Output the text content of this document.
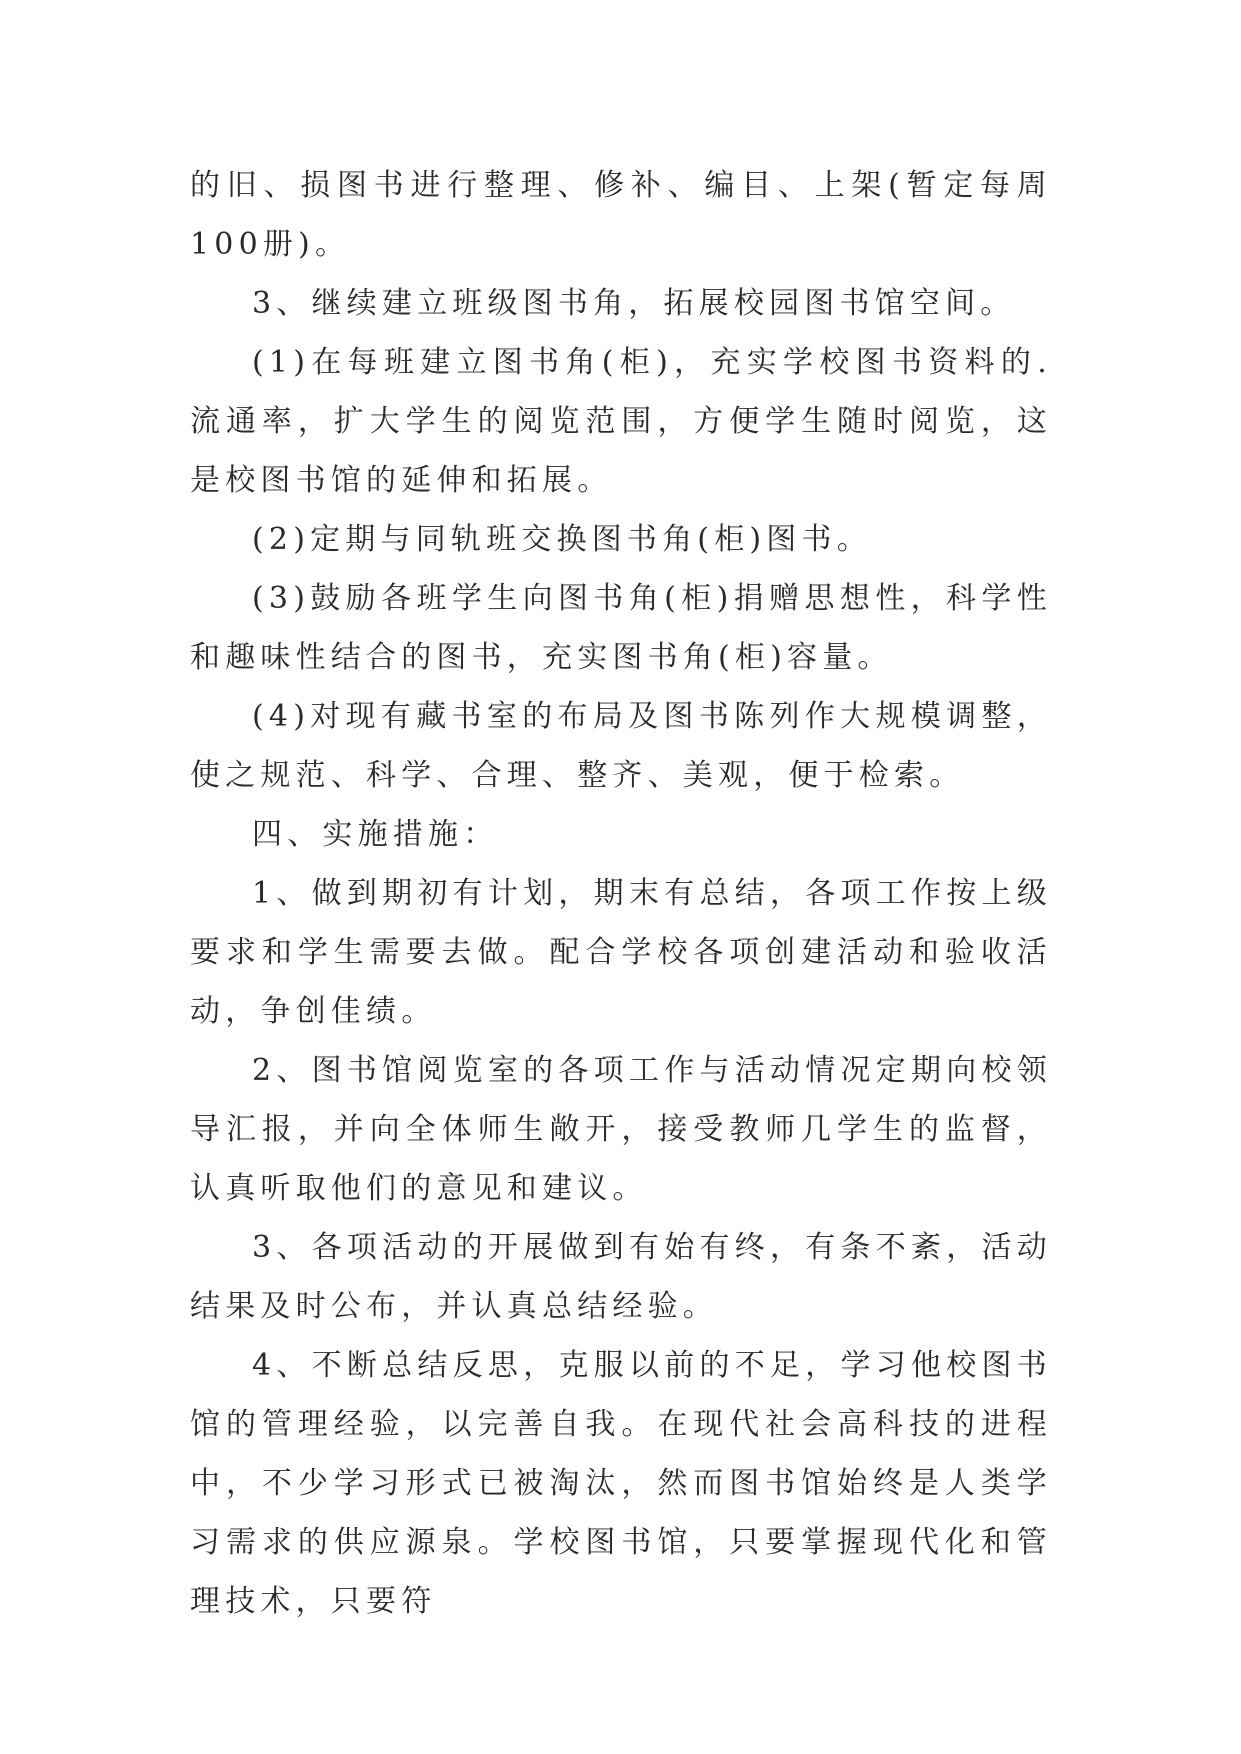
的旧、损图书进行整理、修补、编目、上架(暂定每周100册)。

3、继续建立班级图书角，拓展校园图书馆空间。

(1)在每班建立图书角(柜)，充实学校图书资料的.流通率，扩大学生的阅览范围，方便学生随时阅览，这是校图书馆的延伸和拓展。

(2)定期与同轨班交换图书角(柜)图书。

(3)鼓励各班学生向图书角(柜)捐赠思想性，科学性和趣味性结合的图书，充实图书角(柜)容量。

(4)对现有藏书室的布局及图书陈列作大规模调整，使之规范、科学、合理、整齐、美观，便于检索。

四、实施措施：

1、做到期初有计划，期末有总结，各项工作按上级要求和学生需要去做。配合学校各项创建活动和验收活动，争创佳绩。

2、图书馆阅览室的各项工作与活动情况定期向校领导汇报，并向全体师生敞开，接受教师几学生的监督，认真听取他们的意见和建议。

3、各项活动的开展做到有始有终，有条不紊，活动结果及时公布，并认真总结经验。

4、不断总结反思，克服以前的不足，学习他校图书馆的管理经验，以完善自我。在现代社会高科技的进程中，不少学习形式已被淘汰，然而图书馆始终是人类学习需求的供应源泉。学校图书馆，只要掌握现代化和管理技术，只要符
